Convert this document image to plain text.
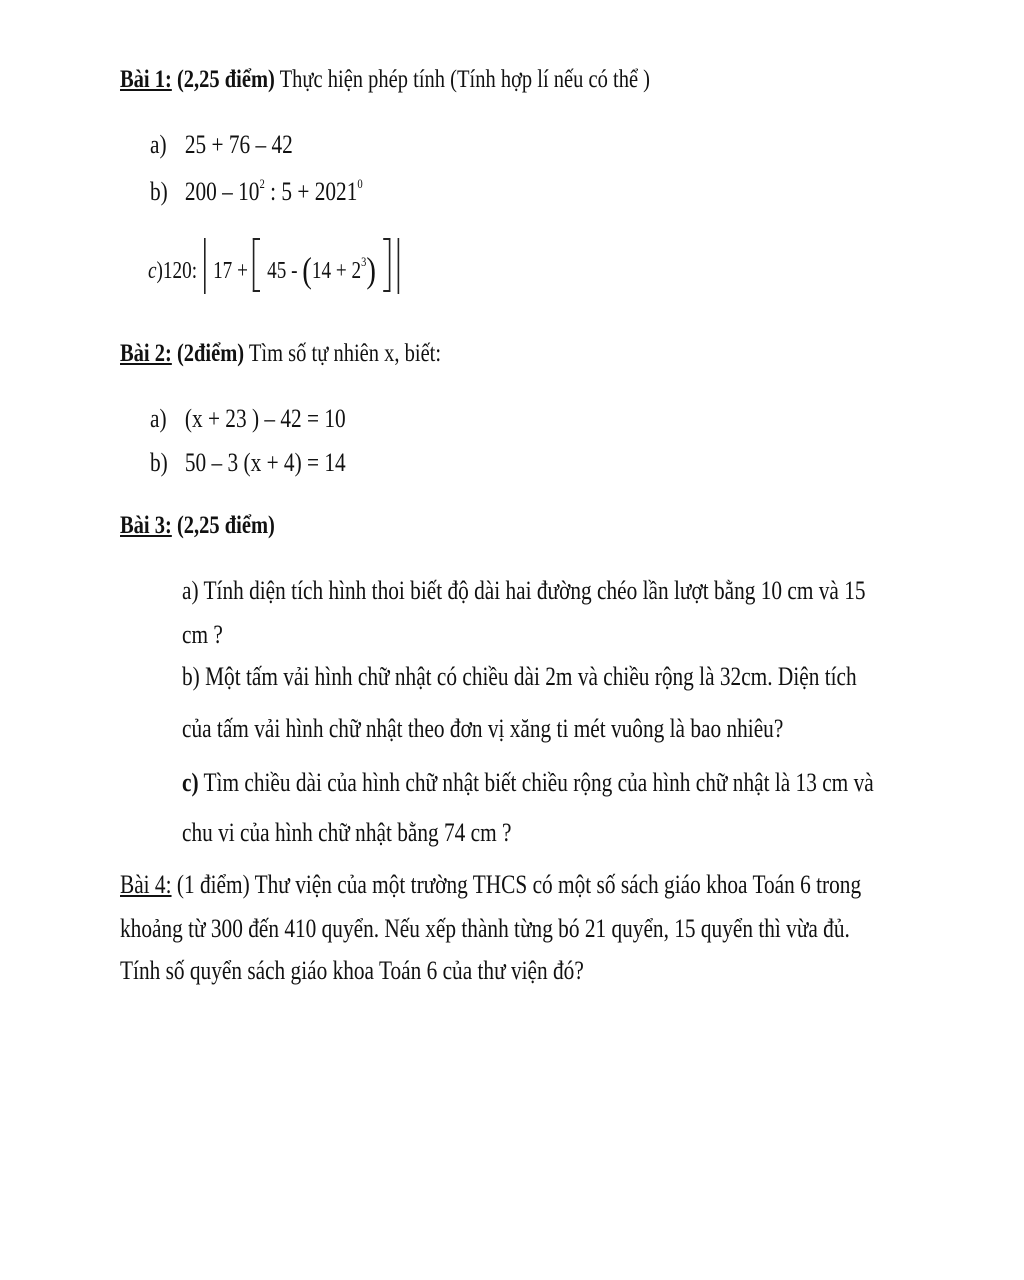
Bài 1: (2,25 điểm) Thực hiện phép tính (Tính hợp lí nếu có thể )
a) 25 + 76 – 42
b) $200 - 10^2$ : $5 + 2021^0$
c)120: $17 + 45 - (14 + 2^3)$
Bài 2: (2điểm) Tìm số tự nhiên x, biết:
a) (x + 23 ) – 42 = 10
b) 50 – 3 (x + 4) = 14
Bài 3: (2,25 điểm)
a) Tính diện tích hình thoi biết độ dài hai đường chéo lần lượt bằng 10 cm và 15
cm ?
b) Một tấm vải hình chữ nhật có chiều dài 2m và chiều rộng là 32cm. Diện tích
của tấm vải hình chữ nhật theo đơn vị xăng ti mét vuông là bao nhiêu?
c) Tìm chiều dài của hình chữ nhật biết chiều rộng của hình chữ nhật là 13 cm và
chu vi của hình chữ nhật bằng 74 cm ?
Bài 4: (1 điểm) Thư viện của một trường THCS có một số sách giáo khoa Toán 6 trong
khoảng từ 300 đến 410 quyển. Nếu xếp thành từng bó 21 quyển, 15 quyển thì vừa đủ.
Tính số quyển sách giáo khoa Toán 6 của thư viện đó?
